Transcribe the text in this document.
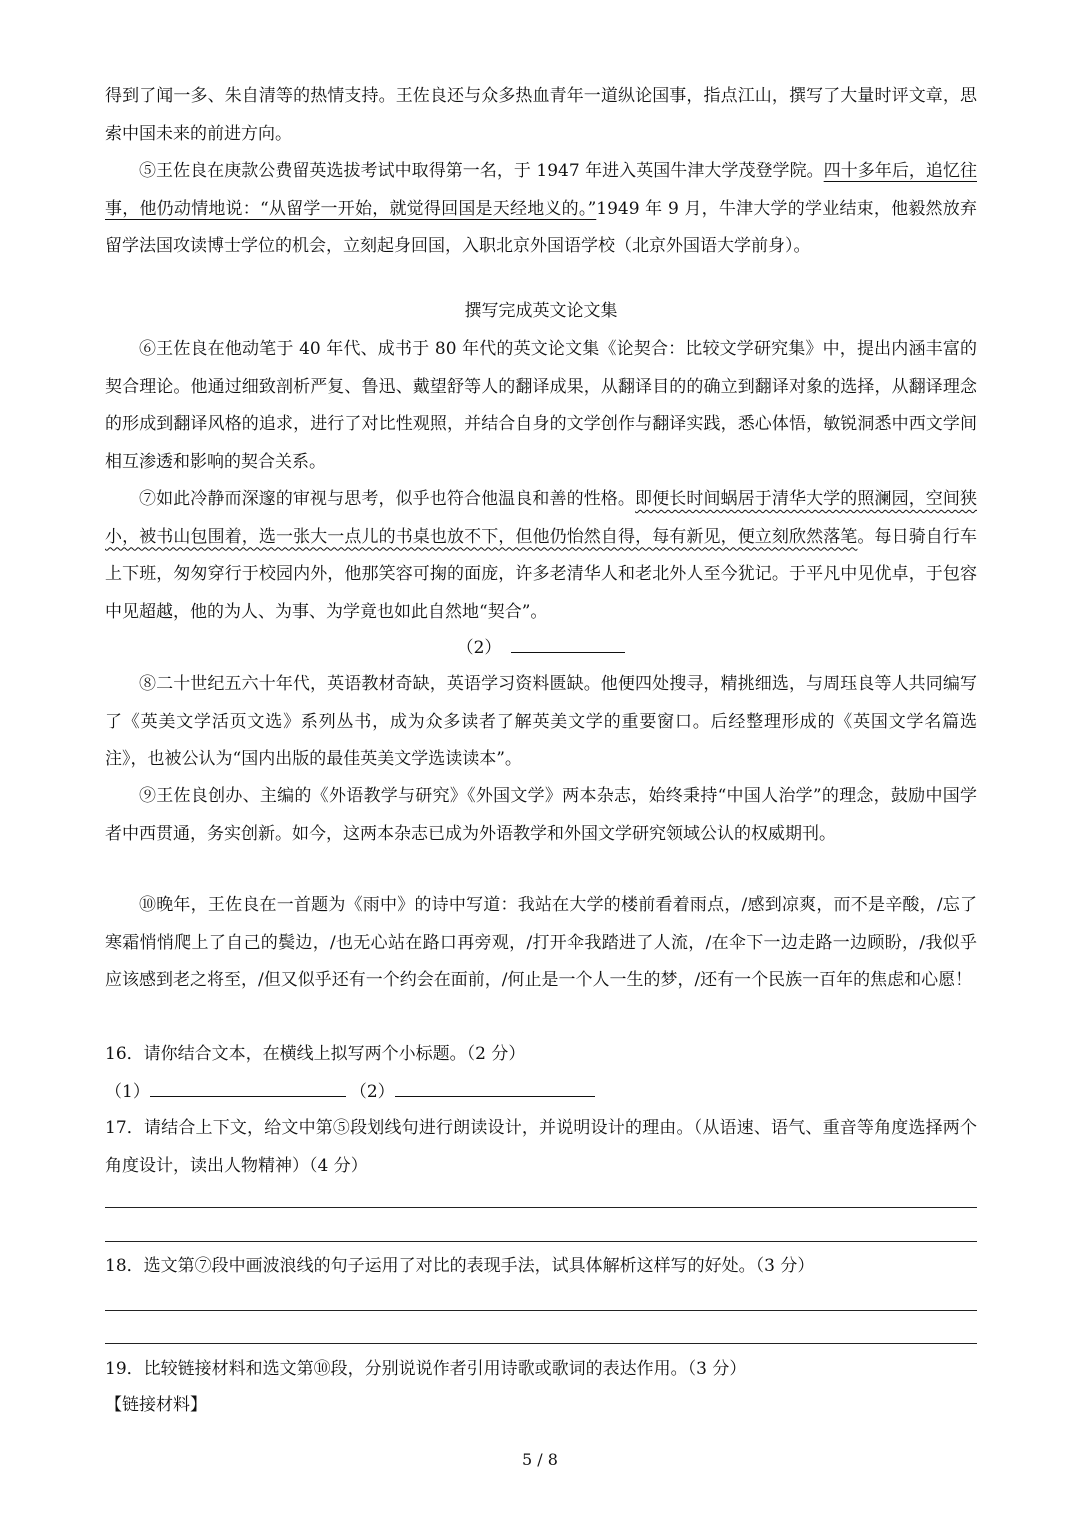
得到了闻一多、朱自清等的热情支持。王佐良还与众多热血青年一道纵论国事，指点江山，撰写了大量时评文章，思索中国未来的前进方向。

⑤王佐良在庚款公费留英选拔考试中取得第一名，于 1947 年进入英国牛津大学茂登学院。四十多年后，追忆往事，他仍动情地说：“从留学一开始，就觉得回国是天经地义的。”1949 年 9 月，牛津大学的学业结束，他毅然放弃留学法国攻读博士学位的机会，立刻起身回国，入职北京外国语学校（北京外国语大学前身）。

撰写完成英文论文集

⑥王佐良在他动笔于 40 年代、成书于 80 年代的英文论文集《论契合：比较文学研究集》中，提出内涵丰富的契合理论。他通过细致剖析严复、鲁迅、戴望舒等人的翻译成果，从翻译目的的确立到翻译对象的选择，从翻译理念的形成到翻译风格的追求，进行了对比性观照，并结合自身的文学创作与翻译实践，悉心体悟，敏锐洞悉中西文学间相互渗透和影响的契合关系。

⑦如此冷静而深邃的审视与思考，似乎也符合他温良和善的性格。即便长时间蜗居于清华大学的照澜园，空间狭小，被书山包围着，选一张大一点儿的书桌也放不下，但他仍怡然自得，每有新见，便立刻欣然落笔。每日骑自行车上下班，匆匆穿行于校园内外，他那笑容可掬的面庞，许多老清华人和老北外人至今犹记。于平凡中见优卓，于包容中见超越，他的为人、为事、为学竟也如此自然地“契合”。

（2）

⑧二十世纪五六十年代，英语教材奇缺，英语学习资料匮缺。他便四处搜寻，精挑细选，与周珏良等人共同编写了《英美文学活页文选》系列丛书，成为众多读者了解英美文学的重要窗口。后经整理形成的《英国文学名篇选注》，也被公认为“国内出版的最佳英美文学选读读本”。

⑨王佐良创办、主编的《外语教学与研究》《外国文学》两本杂志，始终秉持“中国人治学”的理念，鼓励中国学者中西贯通，务实创新。如今，这两本杂志已成为外语教学和外国文学研究领域公认的权威期刊。

⑩晚年，王佐良在一首题为《雨中》的诗中写道：我站在大学的楼前看着雨点，/感到凉爽，而不是辛酸，/忘了寒霜悄悄爬上了自己的鬓边，/也无心站在路口再旁观，/打开伞我踏进了人流，/在伞下一边走路一边顾盼，/我似乎应该感到老之将至，/但又似乎还有一个约会在面前，/何止是一个人一生的梦，/还有一个民族一百年的焦虑和心愿！

16．请你结合文本，在横线上拟写两个小标题。（2 分）

（1）	（2）

17．请结合上下文，给文中第⑤段划线句进行朗读设计，并说明设计的理由。（从语速、语气、重音等角度选择两个角度设计，读出人物精神）（4 分）

18．选文第⑦段中画波浪线的句子运用了对比的表现手法，试具体解析这样写的好处。（3 分）

19．比较链接材料和选文第⑩段，分别说说作者引用诗歌或歌词的表达作用。（3 分）

【链接材料】

5 / 8
